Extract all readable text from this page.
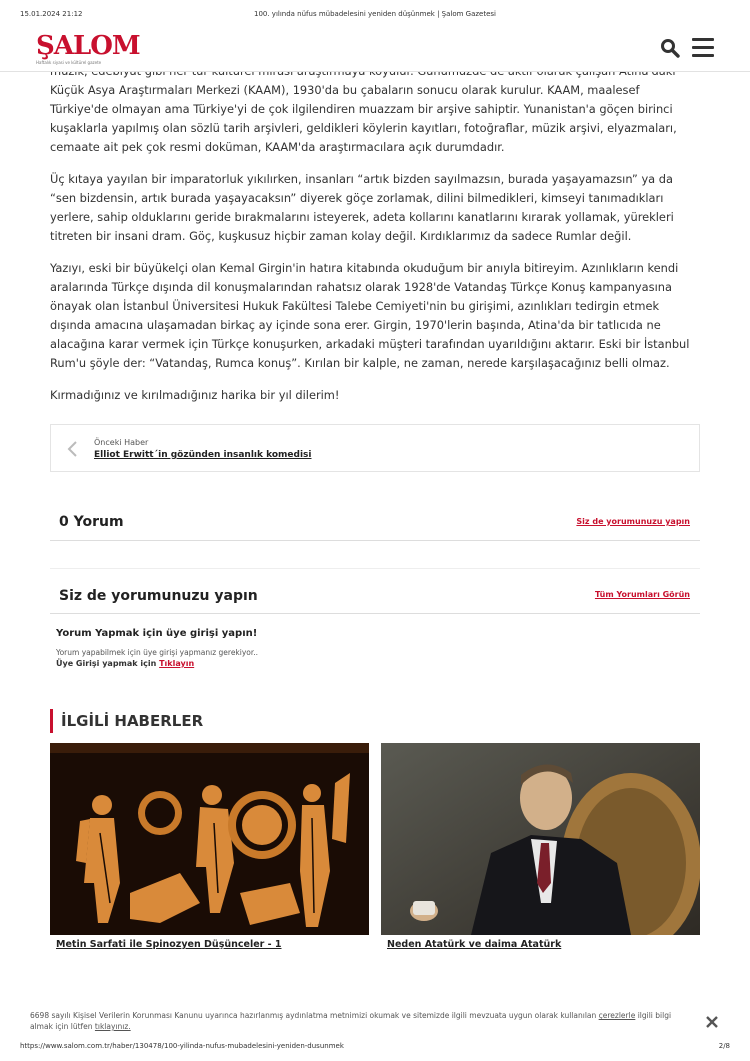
15.01.2024 21:12	100. yılında nüfus mübadelesini yeniden düşünmek | Şalom Gazetesi
ŞALOM
Haftalık siyasi ve kültürel gazete

Küçük Asya Araştırmaları Merkezi (KAAM), 1930'da bu çabaların sonucu olarak kurulur. KAAM, maalesef Türkiye'de olmayan ama Türkiye'yi de çok ilgilendiren muazzam bir arşive sahiptir. Yunanistan'a göçen birinci kuşaklarla yapılmış olan sözlü tarih arşivleri, geldikleri köylerin kayıtları, fotoğraflar, müzik arşivi, elyazmaları, cemaate ait pek çok resmi doküman, KAAM'da araştırmacılara açık durumdadır.

Üç kıtaya yayılan bir imparatorluk yıkılırken, insanları “artık bizden sayılmazsın, burada yaşayamazsın” ya da “sen bizdensin, artık burada yaşayacaksın” diyerek göçe zorlamak, dilini bilmedikleri, kimseyi tanımadıkları yerlere, sahip olduklarını geride bırakmalarını isteyerek, adeta kollarını kanatlarını kırarak yollamak, yürekleri titreten bir insani dram. Göç, kuşkusuz hiçbir zaman kolay değil. Kırdıklarımız da sadece Rumlar değil.

Yazıyı, eski bir büyükelçi olan Kemal Girgin'in hatıra kitabında okuduğum bir anıyla bitireyim. Azınlıkların kendi aralarında Türkçe dışında dil konuşmalarından rahatsız olarak 1928'de Vatandaş Türkçe Konuş kampanyasına önayak olan İstanbul Üniversitesi Hukuk Fakültesi Talebe Cemiyeti'nin bu girişimi, azınlıkları tedirgin etmek dışında amacına ulaşamadan birkaç ay içinde sona erer. Girgin, 1970'lerin başında, Atina'da bir tatlıcıda ne alacağına karar vermek için Türkçe konuşurken, arkadaki müşteri tarafından uyarıldığını aktarır. Eski bir İstanbul Rum'u şöyle der: “Vatandaş, Rumca konuş”. Kırılan bir kalple, ne zaman, nerede karşılaşacağınız belli olmaz.

Kırmadığınız ve kırılmadığınız harika bir yıl dilerim!

Önceki Haber
Elliot Erwitt´in gözünden insanlık komedisi
0 Yorum	Siz de yorumunuzu yapın
Siz de yorumunuzu yapın	Tüm Yorumları Görün
Yorum Yapmak için üye girişi yapın!
Yorum yapabilmek için üye girişi yapmanız gerekiyor..
Üye Girişi yapmak için Tıklayın
İLGİLİ HABERLER
Metin Sarfati ile Spinozyen Düşünceler - 1	Neden Atatürk ve daima Atatürk
6698 sayılı Kişisel Verilerin Korunması Kanunu uyarınca hazırlanmış aydınlatma metnimizi okumak ve sitemizde ilgili mevzuata uygun olarak kullanılan çerezlerle ilgili bilgi almak için lütfen tıklayınız.
https://www.salom.com.tr/haber/130478/100-yilinda-nufus-mubadelesini-yeniden-dusunmek	2/8
